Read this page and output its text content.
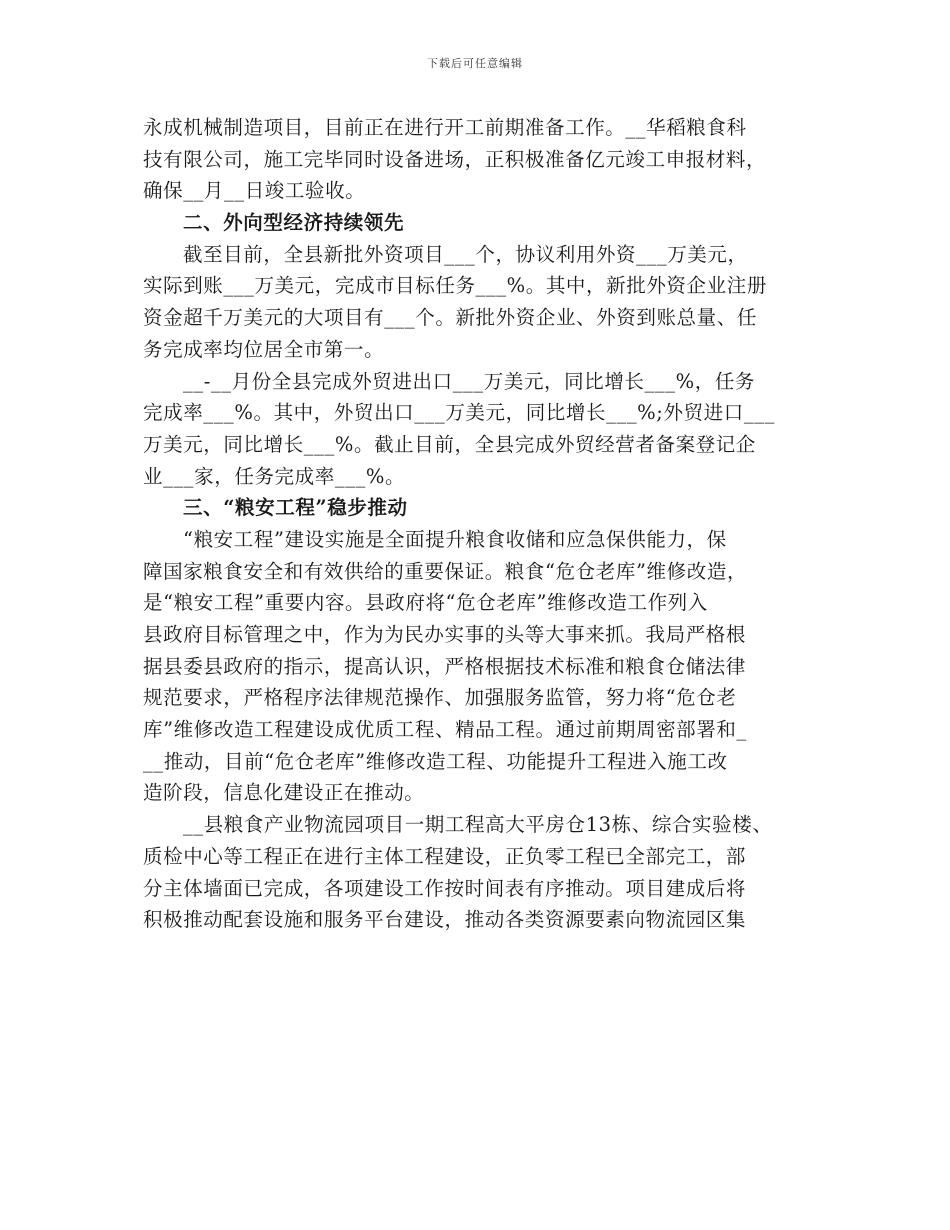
下载后可任意编辑
永成机械制造项目，目前正在进行开工前期准备工作。__华稻粮食科
技有限公司，施工完毕同时设备进场，正积极准备亿元竣工申报材料，
确保__月__日竣工验收。
二、外向型经济持续领先
截至目前，全县新批外资项目___个，协议利用外资___万美元，
实际到账___万美元，完成市目标任务___%。其中，新批外资企业注册
资金超千万美元的大项目有___个。新批外资企业、外资到账总量、任
务完成率均位居全市第一。
__-__月份全县完成外贸进出口___万美元，同比增长___%，任务
完成率___%。其中，外贸出口___万美元，同比增长___%;外贸进口___
万美元，同比增长___%。截止目前，全县完成外贸经营者备案登记企
业___家，任务完成率___%。
三、“粮安工程”稳步推动
“粮安工程”建设实施是全面提升粮食收储和应急保供能力，保
障国家粮食安全和有效供给的重要保证。粮食“危仓老库”维修改造，
是“粮安工程”重要内容。县政府将“危仓老库”维修改造工作列入
县政府目标管理之中，作为为民办实事的头等大事来抓。我局严格根
据县委县政府的指示，提高认识，严格根据技术标准和粮食仓储法律
规范要求，严格程序法律规范操作、加强服务监管，努力将“危仓老
库”维修改造工程建设成优质工程、精品工程。通过前期周密部署和_
__推动，目前“危仓老库”维修改造工程、功能提升工程进入施工改
造阶段，信息化建设正在推动。
__县粮食产业物流园项目一期工程高大平房仓13栋、综合实验楼、
质检中心等工程正在进行主体工程建设，正负零工程已全部完工，部
分主体墙面已完成，各项建设工作按时间表有序推动。项目建成后将
积极推动配套设施和服务平台建设，推动各类资源要素向物流园区集
